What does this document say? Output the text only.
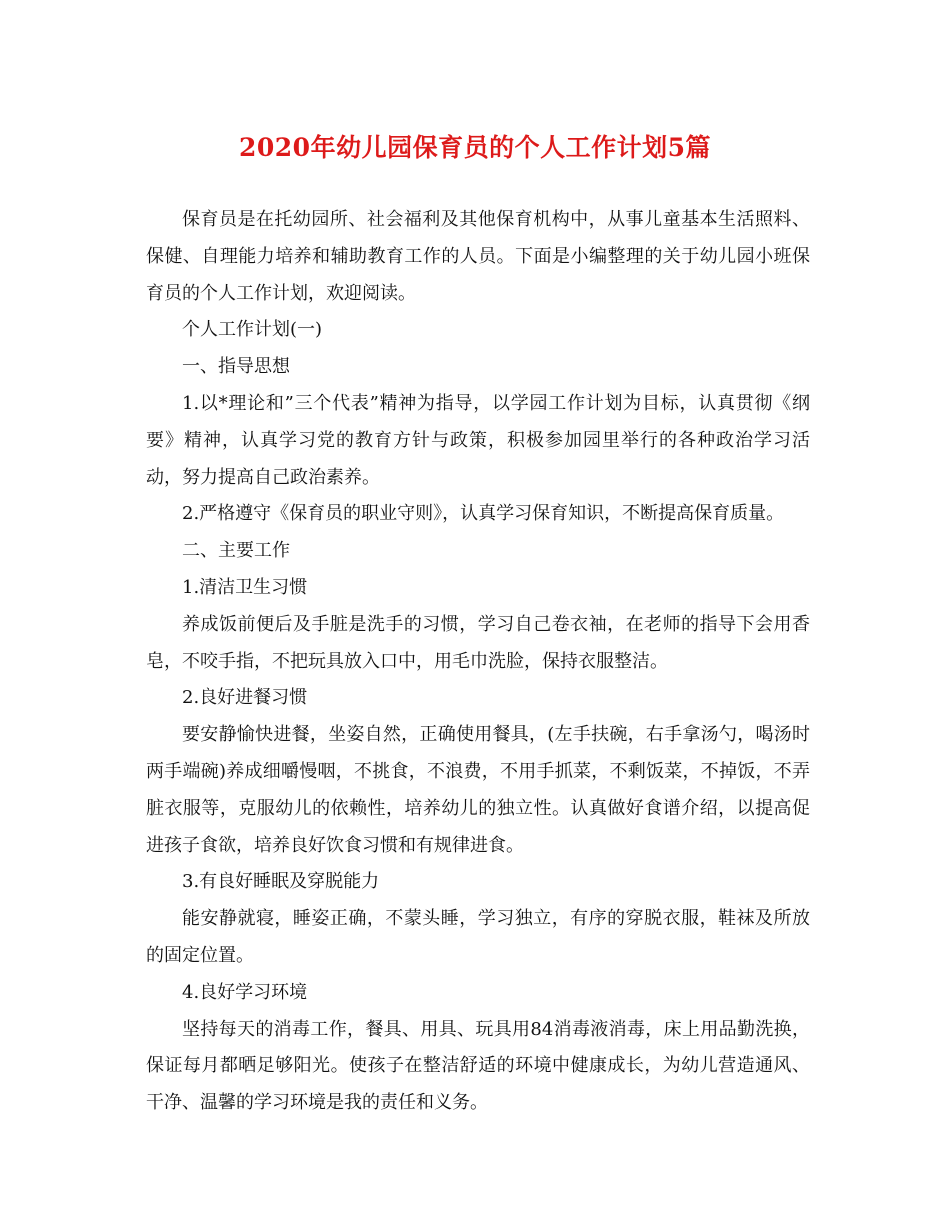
2020年幼儿园保育员的个人工作计划5篇

保育员是在托幼园所、社会福利及其他保育机构中，从事儿童基本生活照料、保健、自理能力培养和辅助教育工作的人员。下面是小编整理的关于幼儿园小班保育员的个人工作计划，欢迎阅读。

个人工作计划(一)

一、指导思想

1.以*理论和”三个代表”精神为指导，以学园工作计划为目标，认真贯彻《纲要》精神，认真学习党的教育方针与政策，积极参加园里举行的各种政治学习活动，努力提高自己政治素养。

2.严格遵守《保育员的职业守则》，认真学习保育知识，不断提高保育质量。

二、主要工作

1.清洁卫生习惯

养成饭前便后及手脏是洗手的习惯，学习自己卷衣袖，在老师的指导下会用香皂，不咬手指，不把玩具放入口中，用毛巾洗脸，保持衣服整洁。

2.良好进餐习惯

要安静愉快进餐，坐姿自然，正确使用餐具，(左手扶碗，右手拿汤勺，喝汤时两手端碗)养成细嚼慢咽，不挑食，不浪费，不用手抓菜，不剩饭菜，不掉饭，不弄脏衣服等，克服幼儿的依赖性，培养幼儿的独立性。认真做好食谱介绍，以提高促进孩子食欲，培养良好饮食习惯和有规律进食。

3.有良好睡眠及穿脱能力

能安静就寝，睡姿正确，不蒙头睡，学习独立，有序的穿脱衣服，鞋袜及所放的固定位置。

4.良好学习环境

坚持每天的消毒工作，餐具、用具、玩具用84消毒液消毒，床上用品勤洗换，保证每月都晒足够阳光。使孩子在整洁舒适的环境中健康成长，为幼儿营造通风、干净、温馨的学习环境是我的责任和义务。
